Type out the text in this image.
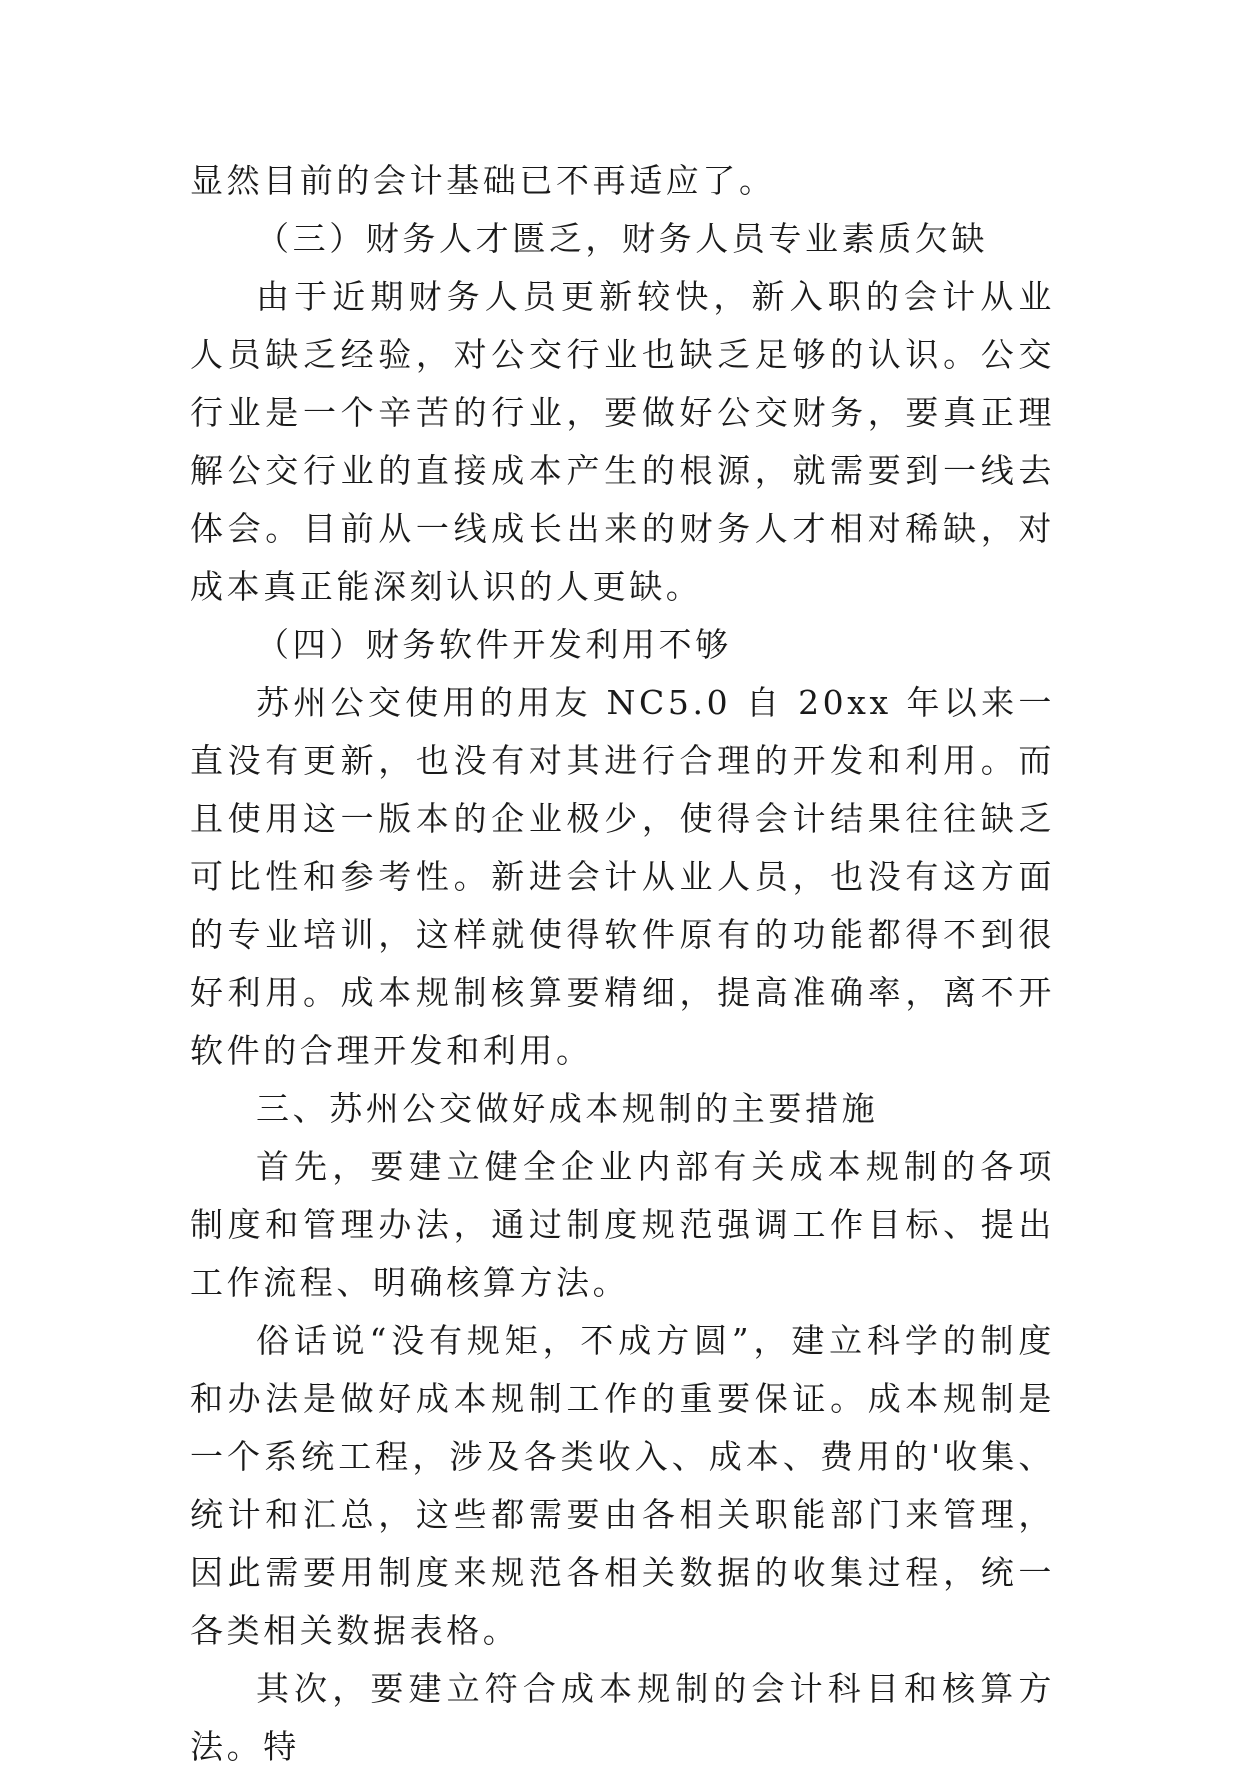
显然目前的会计基础已不再适应了。

（三）财务人才匮乏，财务人员专业素质欠缺

由于近期财务人员更新较快，新入职的会计从业人员缺乏经验，对公交行业也缺乏足够的认识。公交行业是一个辛苦的行业，要做好公交财务，要真正理解公交行业的直接成本产生的根源，就需要到一线去体会。目前从一线成长出来的财务人才相对稀缺，对成本真正能深刻认识的人更缺。

（四）财务软件开发利用不够

苏州公交使用的用友 NC5.0 自 20xx 年以来一直没有更新，也没有对其进行合理的开发和利用。而且使用这一版本的企业极少，使得会计结果往往缺乏可比性和参考性。新进会计从业人员，也没有这方面的专业培训，这样就使得软件原有的功能都得不到很好利用。成本规制核算要精细，提高准确率，离不开软件的合理开发和利用。

三、苏州公交做好成本规制的主要措施

首先，要建立健全企业内部有关成本规制的各项制度和管理办法，通过制度规范强调工作目标、提出工作流程、明确核算方法。

俗话说“没有规矩，不成方圆”，建立科学的制度和办法是做好成本规制工作的重要保证。成本规制是一个系统工程，涉及各类收入、成本、费用的'收集、统计和汇总，这些都需要由各相关职能部门来管理，因此需要用制度来规范各相关数据的收集过程，统一各类相关数据表格。

其次，要建立符合成本规制的会计科目和核算方法。特
